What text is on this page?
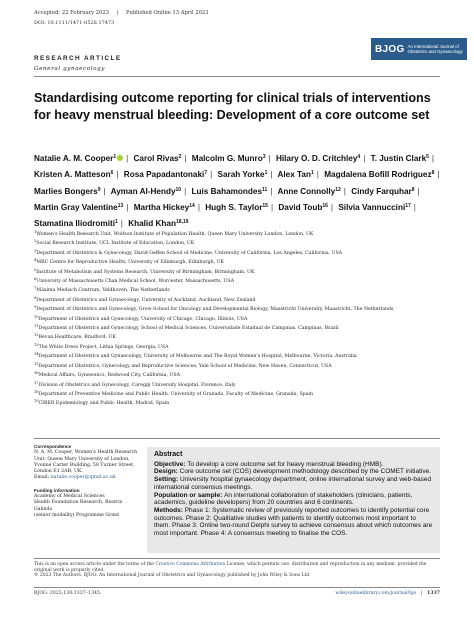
Accepted: 22 February 2023 | Published Online 13 April 2023
DOI: 10.1111/1471-0528.17473
BJOG An International Journal of
Obstetrics and Gynaecology
RESEARCH ARTICLE
General gynaecology
Standardising outcome reporting for clinical trials of interventions for heavy menstrual bleeding: Development of a core outcome set
Natalie A. M. Cooper$^1$ | Carol Rivas$^2$ | Malcolm G. Munro$^3$ | Hilary O. D. Critchley$^4$ | T. Justin Clark$^5$ | Kristen A. Matteson$^6$ | Rosa Papadantonaki$^7$ | Sarah Yorke$^1$ | Alex Tan$^1$ | Magdalena Bofill Rodriguez$^8$ | Marlies Bongers$^9$ | Ayman Al-Hendy$^{10}$ | Luis Bahamondes$^{11}$ | Anne Connolly$^{12}$ | Cindy Farquhar$^8$ | Martin Gray Valentine$^{13}$ | Martha Hickey$^{14}$ | Hugh S. Taylor$^{15}$ | David Toub$^{16}$ | Silvia Vannuccini$^{17}$ | Stamatina Iliodromiti$^1$ | Khalid Khan$^{18,19}$
$^1$Women's Health Research Unit, Wolfson Institute of Population Health, Queen Mary University London, London, UK
$^2$Social Research Institute, UCL Institute of Education, London, UK
$^3$Department of Obstetrics & Gynecology, David Geffen School of Medicine, University of California, Los Angeles, California, USA
$^4$MRC Centre for Reproductive Health, University of Edinburgh, Edinburgh, UK
$^5$Institute of Metabolism and Systems Research, University of Birmingham, Birmingham, UK
$^6$University of Massachusetts Chan Medical School, Worcester, Massachusetts, USA
$^7$Máxima Medisch Centrum, Veldhoven, The Netherlands
$^8$Department of Obstetrics and Gynaecology, University of Auckland, Auckland, New Zealand
$^9$Department of Obstetrics and Gynecology, Grow-School for Oncology and Developmental Biology, Maastricht University, Maastricht, The Netherlands
$^{10}$Department of Obstetrics and Gynecology, University of Chicago, Chicago, Illinois, USA
$^{11}$Department of Obstetrics and Gynecology, School of Medical Sciences, Universidade Estadual de Campinas, Campinas, Brazil
$^{12}$Bevan Healthcare, Bradford, UK
$^{13}$The White Dress Project, Lithia Springs, Georgia, USA
$^{14}$Department of Obstetrics and Gynaecology, University of Melbourne and The Royal Women's Hospital, Melbourne, Victoria, Australia
$^{15}$Department of Obstetrics, Gynecology and Reproductive Sciences, Yale School of Medicine, New Haven, Connecticut, USA
$^{16}$Medical Affairs, Gynesonics, Redwood City, California, USA
$^{17}$Division of Obstetrics and Gynecology, Careggi University Hospital, Florence, Italy
$^{18}$Department of Preventive Medicine and Public Health, University of Granada, Faculty of Medicine, Granada, Spain
$^{19}$CIBER Epidemiology and Public Health, Madrid, Spain
Correspondence
N. A. M. Cooper, Women's Health Research
Unit, Queen Mary University of London,
Yvonne Carter Building, 58 Turner Street,
London E1 2AB, UK.
Email: natalie.cooper@qmul.ac.uk
Funding information
Academy of Medical Sciences
Health Foundation Research, Beatriz Galindo
(senior modality) Programme Grant
Abstract
Objective: To develop a core outcome set for heavy menstrual bleeding (HMB).
Design: Core outcome set (COS) development methodology described by the COMET initiative.
Setting: University hospital gynaecology department, online international survey and web-based international consensus meetings.
Population or sample: An international collaboration of stakeholders (clinicians, patients, academics, guideline developers) from 20 countries and 6 continents.
Methods: Phase 1: Systematic review of previously reported outcomes to identify potential core outcomes. Phase 2: Qualitative studies with patients to identify outcomes most important to them. Phase 3: Online two-round Delphi survey to achieve consensus about which outcomes are most important. Phase 4: A consensus meeting to finalise the COS.
This is an open access article under the terms of the Creative Commons Attribution License, which permits use, distribution and reproduction in any medium, provided the
original work is properly cited.
© 2023 The Authors. BJOG: An International Journal of Obstetrics and Gynaecology published by John Wiley & Sons Ltd.
BJOG. 2023;130:1337–1345.	wileyonlinelibrary.com/journal/bjo | 1337
